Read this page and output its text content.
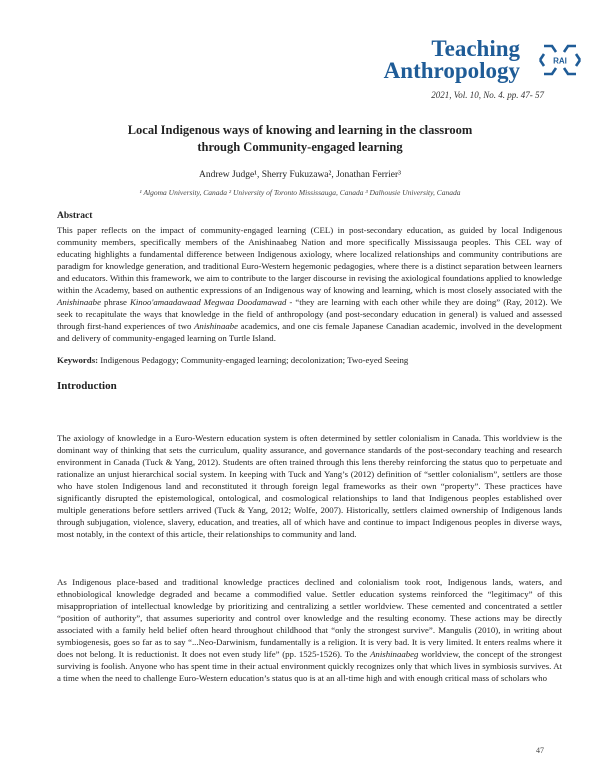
Teaching
Anthropology	RAI
2021, Vol. 10, No. 4. pp. 47- 57
Local Indigenous ways of knowing and learning in the classroom
through Community-engaged learning
Andrew Judge¹, Sherry Fukuzawa², Jonathan Ferrier³
¹ Algoma University, Canada ² University of Toronto Mississauga, Canada ³ Dalhousie University, Canada
Abstract
This paper reflects on the impact of community-engaged learning (CEL) in post-secondary education, as guided by local Indigenous community members, specifically members of the Anishinaabeg Nation and more specifically Mississauga peoples. This CEL way of educating highlights a fundamental difference between Indigenous axiology, where localized relationships and community contributions are paradigm for knowledge generation, and traditional Euro-Western hegemonic pedagogies, where there is a distinct separation between learners and educators. Within this framework, we aim to contribute to the larger discourse in revising the axiological foundations applied to knowledge within the Academy, based on authentic expressions of an Indigenous way of knowing and learning, which is most closely associated with the Anishinaabe phrase Kinoo'amaadawaad Megwaa Doodamawad - “they are learning with each other while they are doing” (Ray, 2012). We seek to recapitulate the ways that knowledge in the field of anthropology (and post-secondary education in general) is valued and assessed through first-hand experiences of two Anishinaabe academics, and one cis female Japanese Canadian academic, involved in the development and delivery of community-engaged learning on Turtle Island.
Keywords: Indigenous Pedagogy; Community-engaged learning; decolonization; Two-eyed Seeing
Introduction
The axiology of knowledge in a Euro-Western education system is often determined by settler colonialism in Canada. This worldview is the dominant way of thinking that sets the curriculum, quality assurance, and governance standards of the post-secondary teaching and research environment in Canada (Tuck & Yang, 2012). Students are often trained through this lens thereby reinforcing the status quo to perpetuate and rationalize an unjust hierarchical social system. In keeping with Tuck and Yang’s (2012) definition of “settler colonialism”, settlers are those who have stolen Indigenous land and reconstituted it through foreign legal frameworks as their own “property”. These practices have significantly disrupted the epistemological, ontological, and cosmological relationships to land that Indigenous peoples established over multiple generations before settlers arrived (Tuck & Yang, 2012; Wolfe, 2007). Historically, settlers claimed ownership of Indigenous lands through subjugation, violence, slavery, education, and treaties, all of which have and continue to impact Indigenous peoples in diverse ways, most notably, in the context of this article, their relationships to community and land.
As Indigenous place-based and traditional knowledge practices declined and colonialism took root, Indigenous lands, waters, and ethnobiological knowledge degraded and became a commodified value. Settler education systems reinforced the “legitimacy” of this misappropriation of intellectual knowledge by prioritizing and centralizing a settler worldview. These cemented and concentrated a settler “position of authority”, that assumes superiority and control over knowledge and the resulting economy. These actions may be directly associated with a family held belief often heard throughout childhood that “only the strongest survive”. Mangulis (2010), in writing about symbiogenesis, goes so far as to say “...Neo-Darwinism, fundamentally is a religion. It is very bad. It is very limited. It enters realms where it does not belong. It is reductionist. It does not even study life” (pp. 1525-1526). To the Anishinaabeg worldview, the concept of the strongest surviving is foolish. Anyone who has spent time in their actual environment quickly recognizes only that which lives in symbiosis survives. At a time when the need to challenge Euro-Western education’s status quo is at an all-time high and with enough critical mass of scholars who
47
